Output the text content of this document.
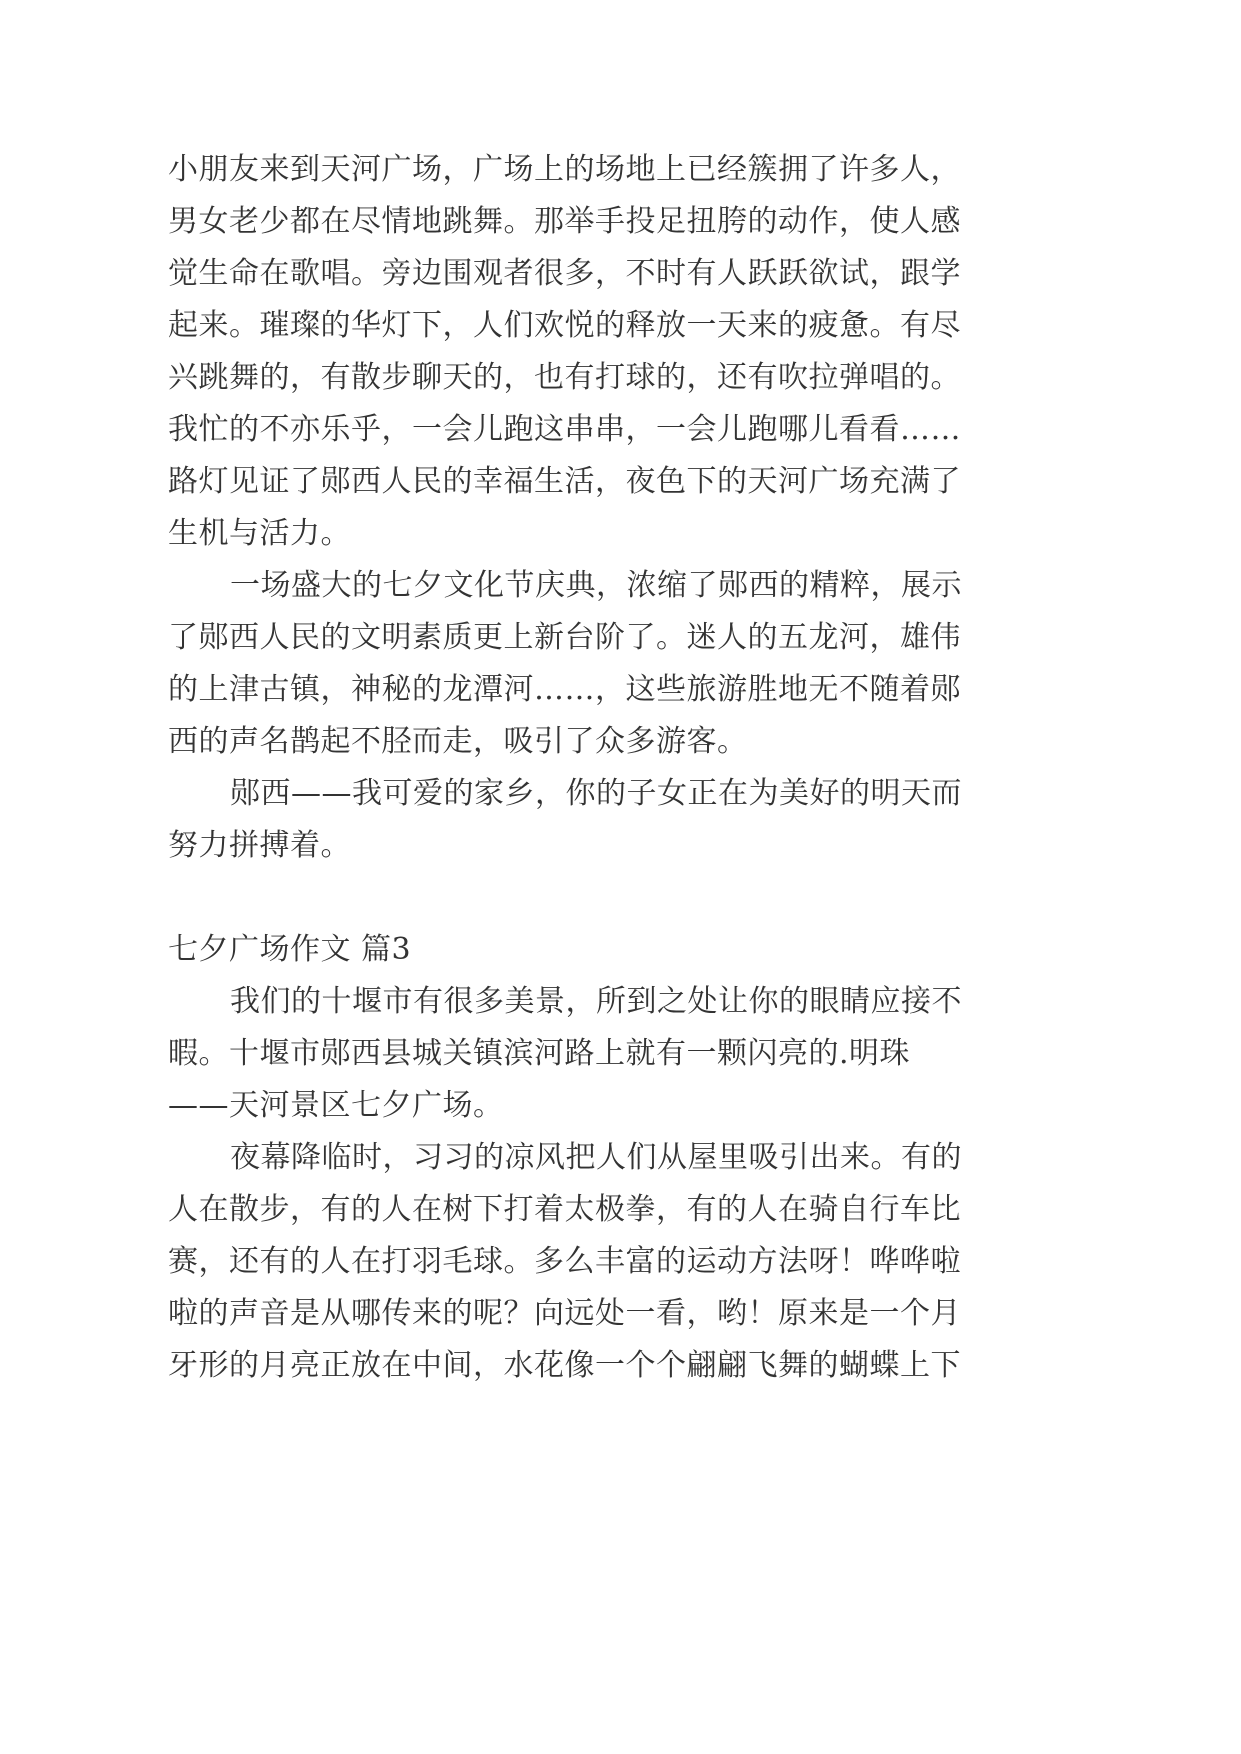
小朋友来到天河广场，广场上的场地上已经簇拥了许多人，
男女老少都在尽情地跳舞。那举手投足扭胯的动作，使人感
觉生命在歌唱。旁边围观者很多，不时有人跃跃欲试，跟学
起来。璀璨的华灯下，人们欢悦的释放一天来的疲惫。有尽
兴跳舞的，有散步聊天的，也有打球的，还有吹拉弹唱的。
我忙的不亦乐乎，一会儿跑这串串，一会儿跑哪儿看看……
路灯见证了郧西人民的幸福生活，夜色下的天河广场充满了
生机与活力。
一场盛大的七夕文化节庆典，浓缩了郧西的精粹，展示
了郧西人民的文明素质更上新台阶了。迷人的五龙河，雄伟
的上津古镇，神秘的龙潭河……，这些旅游胜地无不随着郧
西的声名鹊起不胫而走，吸引了众多游客。
郧西——我可爱的家乡，你的子女正在为美好的明天而
努力拼搏着。
七夕广场作文 篇3
我们的十堰市有很多美景，所到之处让你的眼睛应接不
暇。十堰市郧西县城关镇滨河路上就有一颗闪亮的.明珠
——天河景区七夕广场。
夜幕降临时，习习的凉风把人们从屋里吸引出来。有的
人在散步，有的人在树下打着太极拳，有的人在骑自行车比
赛，还有的人在打羽毛球。多么丰富的运动方法呀！哗哗啦
啦的声音是从哪传来的呢？向远处一看，哟！原来是一个月
牙形的月亮正放在中间，水花像一个个翩翩飞舞的蝴蝶上下
